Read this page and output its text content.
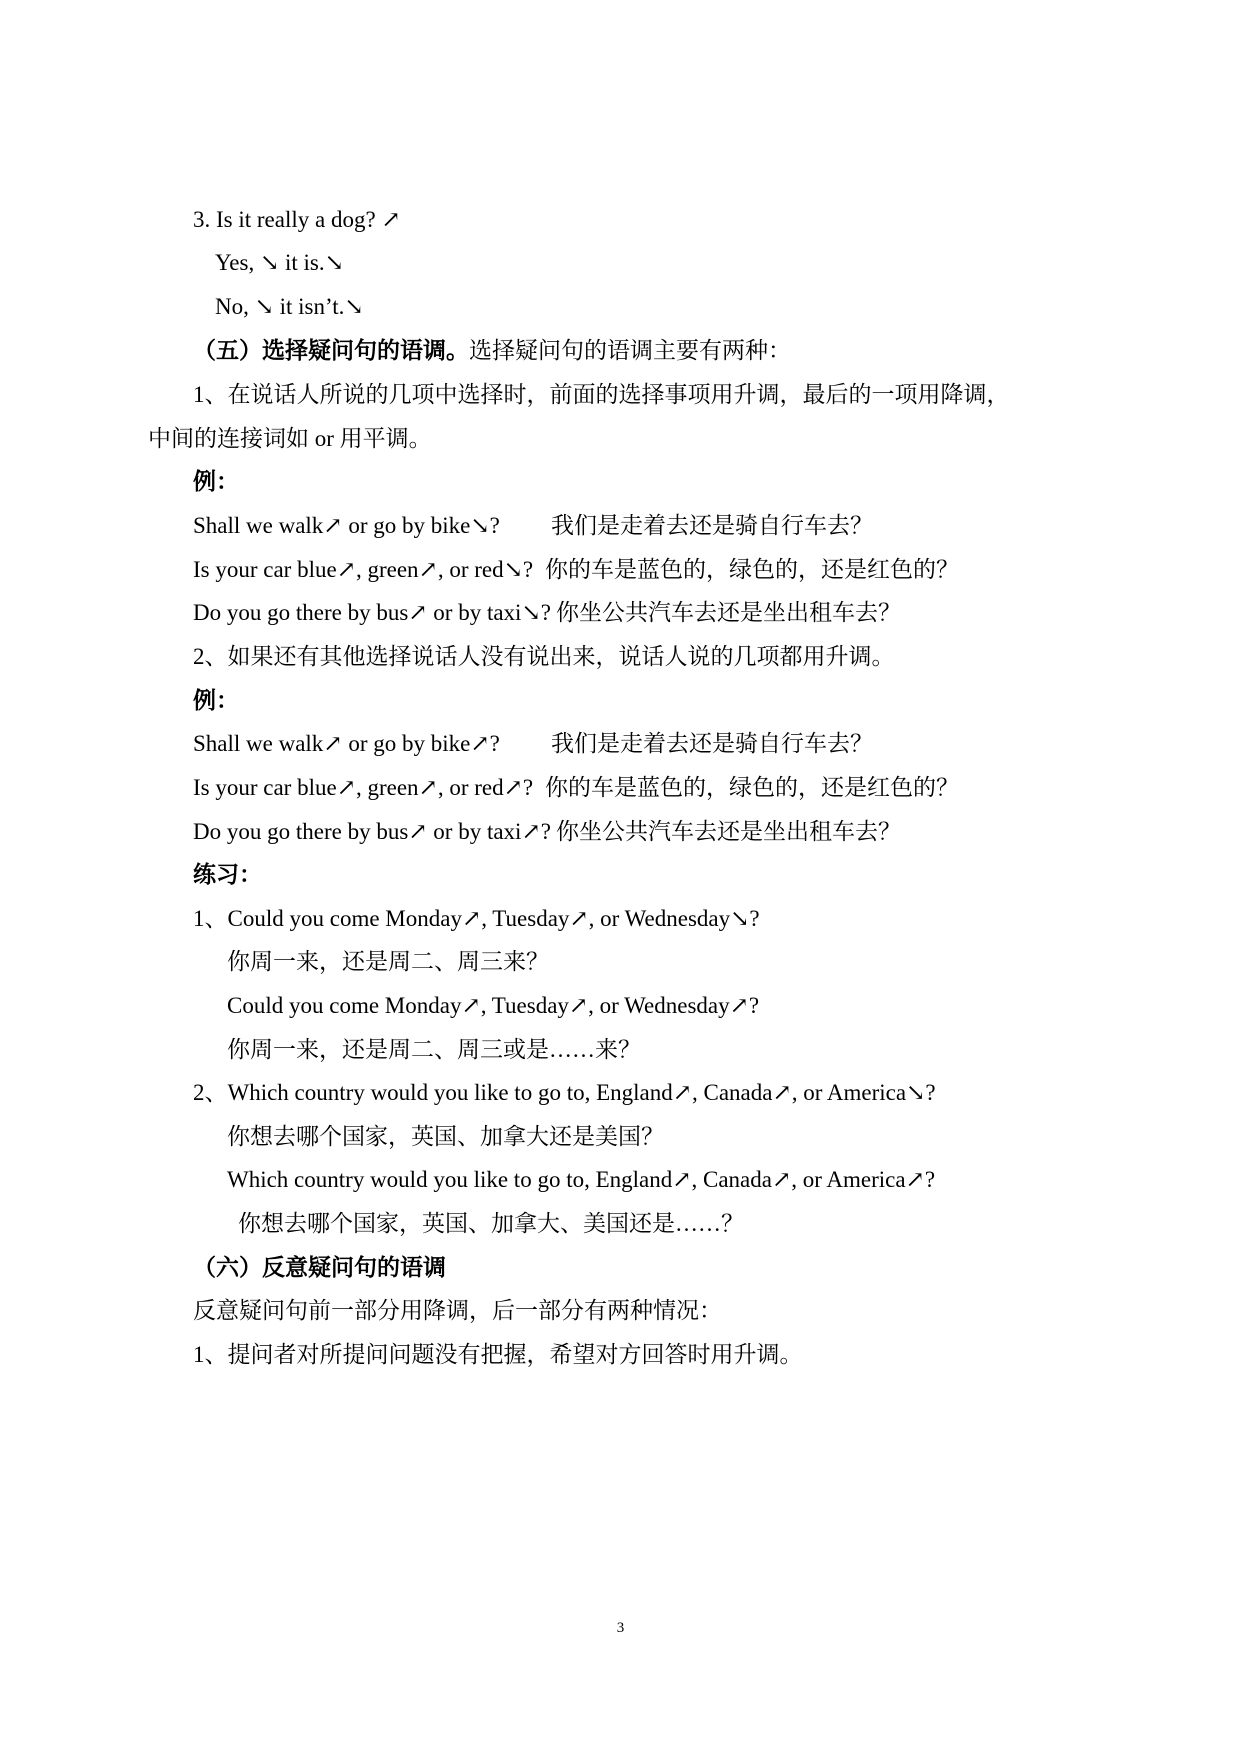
3. Is it really a dog? ↗
Yes, ↘ it is.↘
No, ↘ it isn’t.↘
（五）选择疑问句的语调。选择疑问句的语调主要有两种：
1、在说话人所说的几项中选择时，前面的选择事项用升调，最后的一项用降调，
中间的连接词如 or 用平调。
例：
Shall we walk↗ or go by bike↘? 我们是走着去还是骑自行车去？
Is your car blue↗, green↗, or red↘? 你的车是蓝色的，绿色的，还是红色的？
Do you go there by bus↗ or by taxi↘? 你坐公共汽车去还是坐出租车去？
2、如果还有其他选择说话人没有说出来，说话人说的几项都用升调。
例：
Shall we walk↗ or go by bike↗? 我们是走着去还是骑自行车去？
Is your car blue↗, green↗, or red↗? 你的车是蓝色的，绿色的，还是红色的？
Do you go there by bus↗ or by taxi↗? 你坐公共汽车去还是坐出租车去？
练习：
1、Could you come Monday↗, Tuesday↗, or Wednesday↘?
你周一来，还是周二、周三来？
Could you come Monday↗, Tuesday↗, or Wednesday↗?
你周一来，还是周二、周三或是……来？
2、Which country would you like to go to, England↗, Canada↗, or America↘?
你想去哪个国家，英国、加拿大还是美国？
Which country would you like to go to, England↗, Canada↗, or America↗?
你想去哪个国家，英国、加拿大、美国还是……？
（六）反意疑问句的语调
反意疑问句前一部分用降调，后一部分有两种情况：
1、提问者对所提问问题没有把握，希望对方回答时用升调。
3
